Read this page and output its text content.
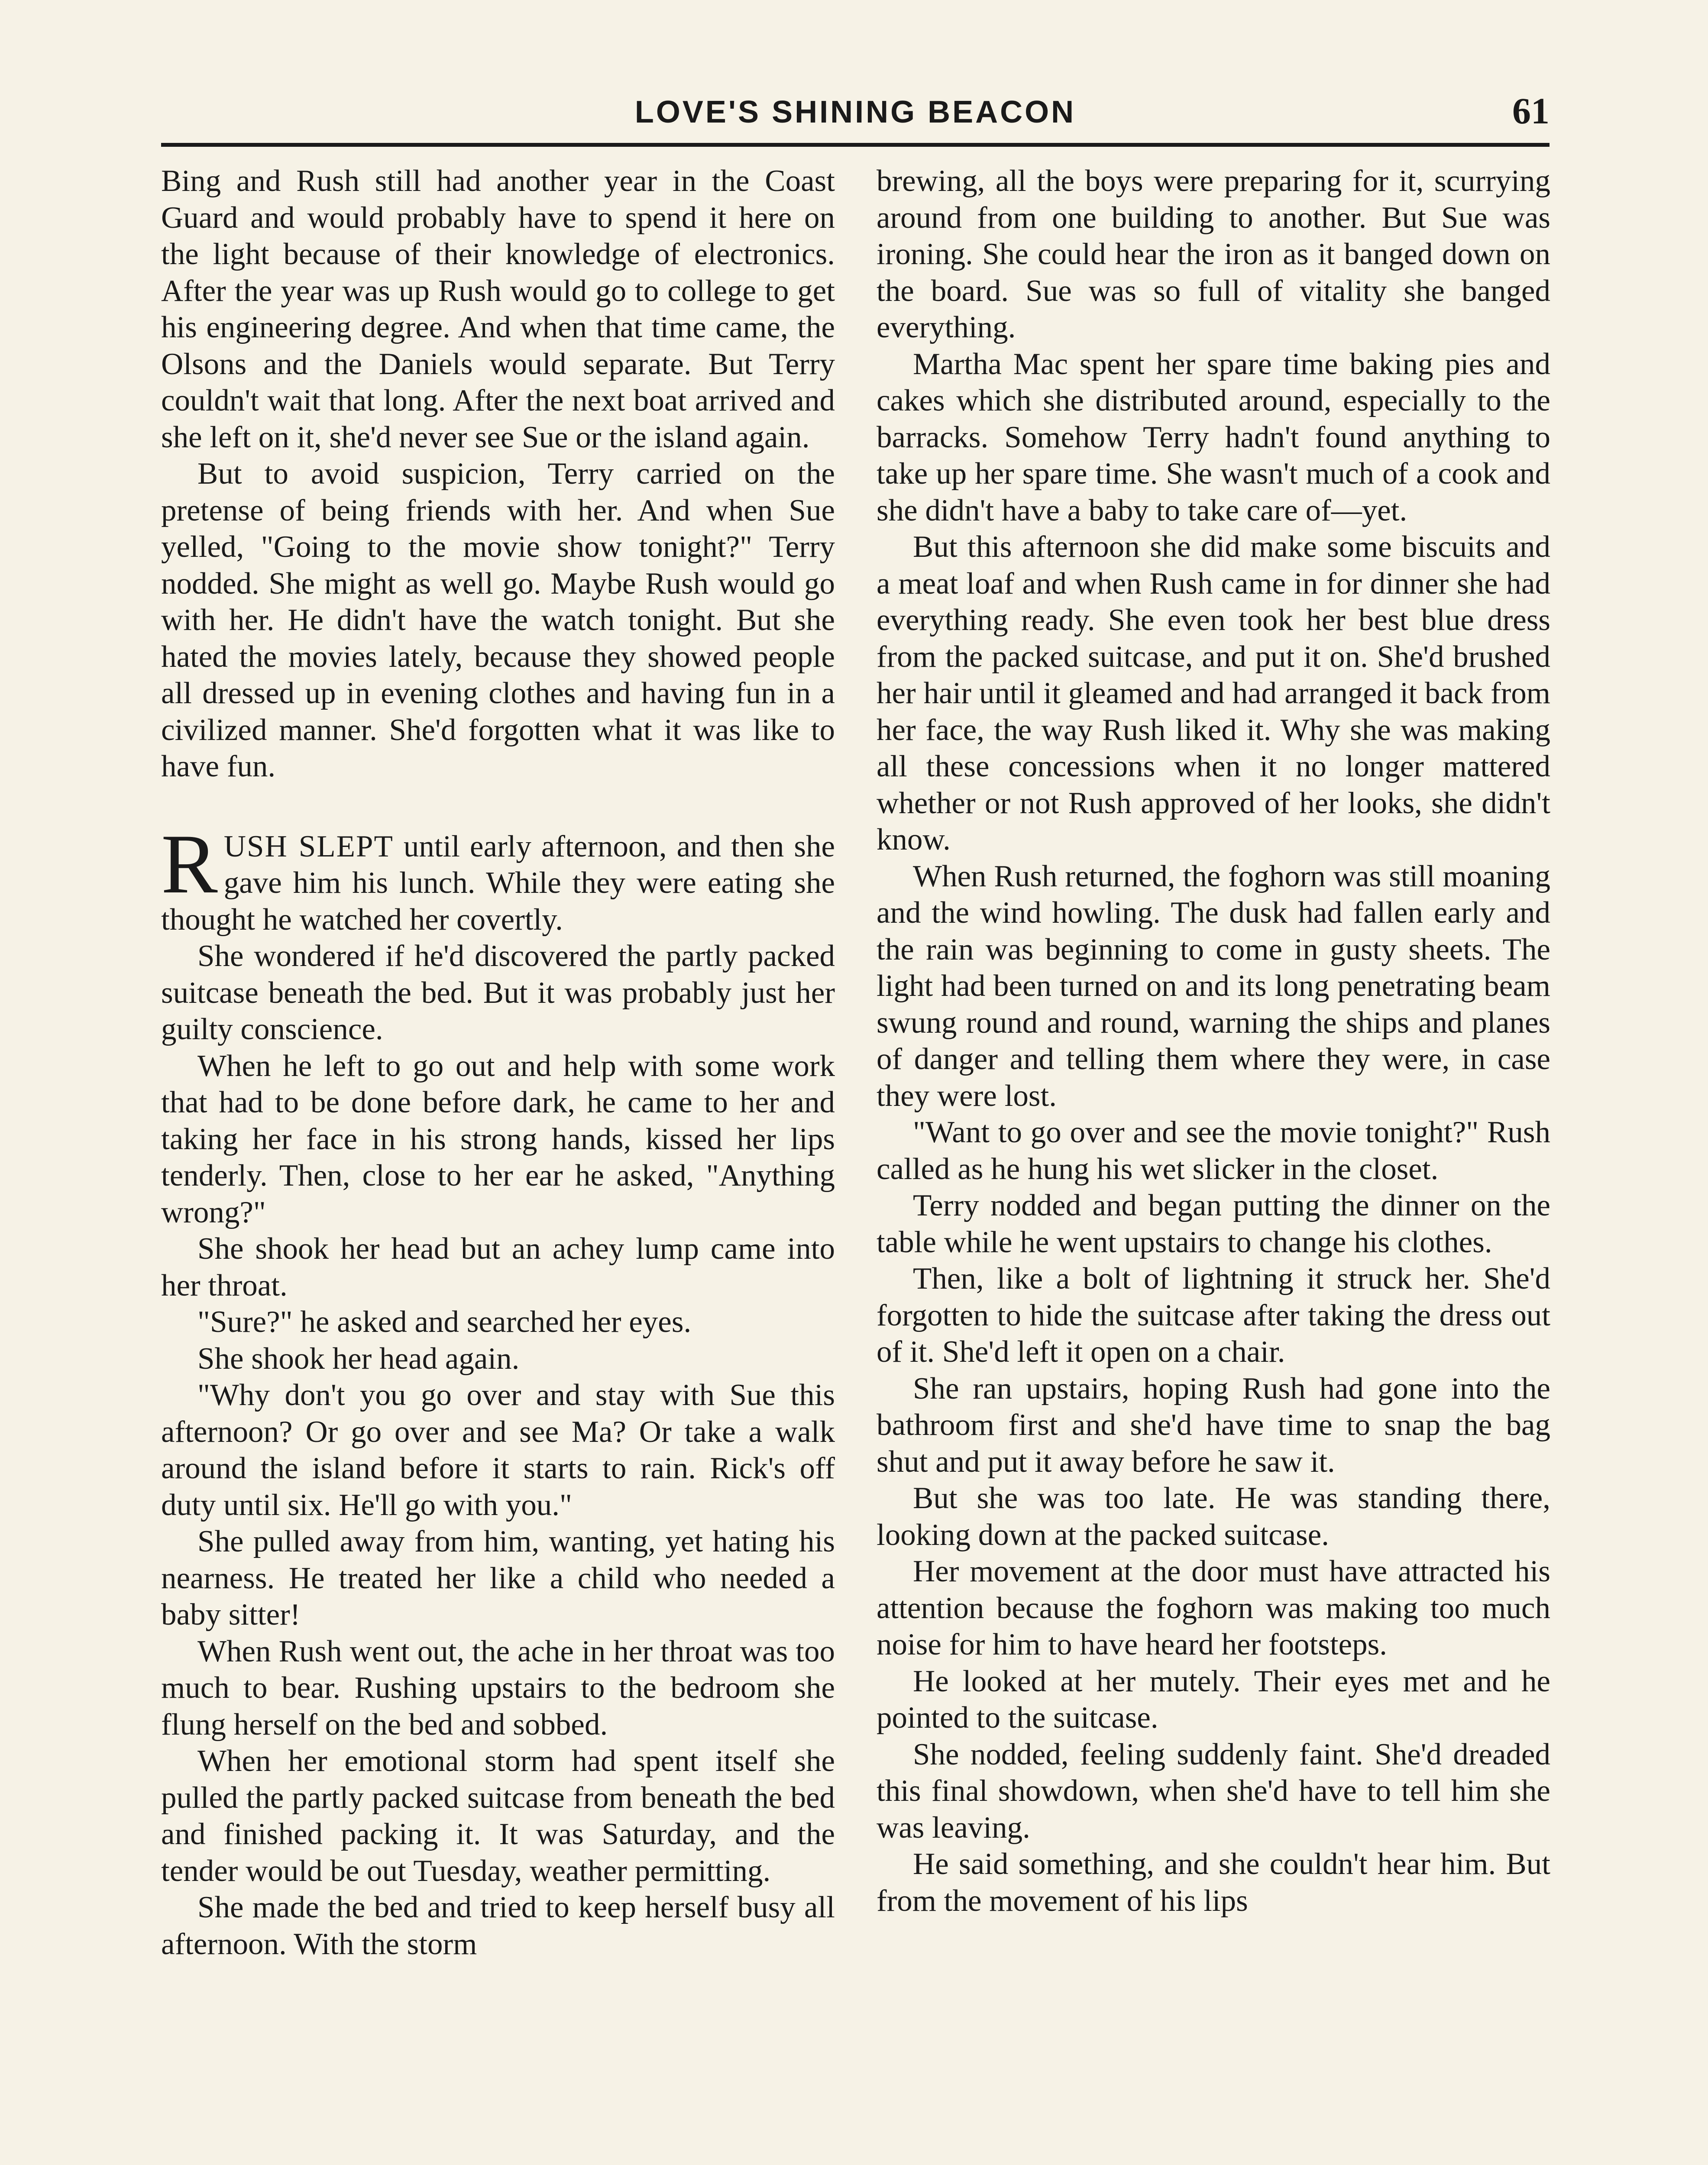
LOVE'S SHINING BEACON	61

Bing and Rush still had another year in the Coast Guard and would probably have to spend it here on the light because of their knowledge of electronics. After the year was up Rush would go to college to get his engineering degree. And when that time came, the Olsons and the Daniels would separate. But Terry couldn't wait that long. After the next boat arrived and she left on it, she'd never see Sue or the island again.

But to avoid suspicion, Terry carried on the pretense of being friends with her. And when Sue yelled, "Going to the movie show tonight?" Terry nodded. She might as well go. Maybe Rush would go with her. He didn't have the watch tonight. But she hated the movies lately, because they showed people all dressed up in evening clothes and having fun in a civilized manner. She'd forgotten what it was like to have fun.

RUSH SLEPT until early afternoon, and then she gave him his lunch. While they were eating she thought he watched her covertly.

She wondered if he'd discovered the partly packed suitcase beneath the bed. But it was probably just her guilty conscience.

When he left to go out and help with some work that had to be done before dark, he came to her and taking her face in his strong hands, kissed her lips tenderly. Then, close to her ear he asked, "Anything wrong?"

She shook her head but an achey lump came into her throat.

"Sure?" he asked and searched her eyes.

She shook her head again.

"Why don't you go over and stay with Sue this afternoon? Or go over and see Ma? Or take a walk around the island before it starts to rain. Rick's off duty until six. He'll go with you."

She pulled away from him, wanting, yet hating his nearness. He treated her like a child who needed a baby sitter!

When Rush went out, the ache in her throat was too much to bear. Rushing upstairs to the bedroom she flung herself on the bed and sobbed.

When her emotional storm had spent itself she pulled the partly packed suitcase from beneath the bed and finished packing it. It was Saturday, and the tender would be out Tuesday, weather permitting.

She made the bed and tried to keep herself busy all afternoon. With the storm

brewing, all the boys were preparing for it, scurrying around from one building to another. But Sue was ironing. She could hear the iron as it banged down on the board. Sue was so full of vitality she banged everything.

Martha Mac spent her spare time baking pies and cakes which she distributed around, especially to the barracks. Somehow Terry hadn't found anything to take up her spare time. She wasn't much of a cook and she didn't have a baby to take care of—yet.

But this afternoon she did make some biscuits and a meat loaf and when Rush came in for dinner she had everything ready. She even took her best blue dress from the packed suitcase, and put it on. She'd brushed her hair until it gleamed and had arranged it back from her face, the way Rush liked it. Why she was making all these concessions when it no longer mattered whether or not Rush approved of her looks, she didn't know.

When Rush returned, the foghorn was still moaning and the wind howling. The dusk had fallen early and the rain was beginning to come in gusty sheets. The light had been turned on and its long penetrating beam swung round and round, warning the ships and planes of danger and telling them where they were, in case they were lost.

"Want to go over and see the movie tonight?" Rush called as he hung his wet slicker in the closet.

Terry nodded and began putting the dinner on the table while he went upstairs to change his clothes.

Then, like a bolt of lightning it struck her. She'd forgotten to hide the suitcase after taking the dress out of it. She'd left it open on a chair.

She ran upstairs, hoping Rush had gone into the bathroom first and she'd have time to snap the bag shut and put it away before he saw it.

But she was too late. He was standing there, looking down at the packed suitcase.

Her movement at the door must have attracted his attention because the foghorn was making too much noise for him to have heard her footsteps.

He looked at her mutely. Their eyes met and he pointed to the suitcase.

She nodded, feeling suddenly faint. She'd dreaded this final showdown, when she'd have to tell him she was leaving.

He said something, and she couldn't hear him. But from the movement of his lips
